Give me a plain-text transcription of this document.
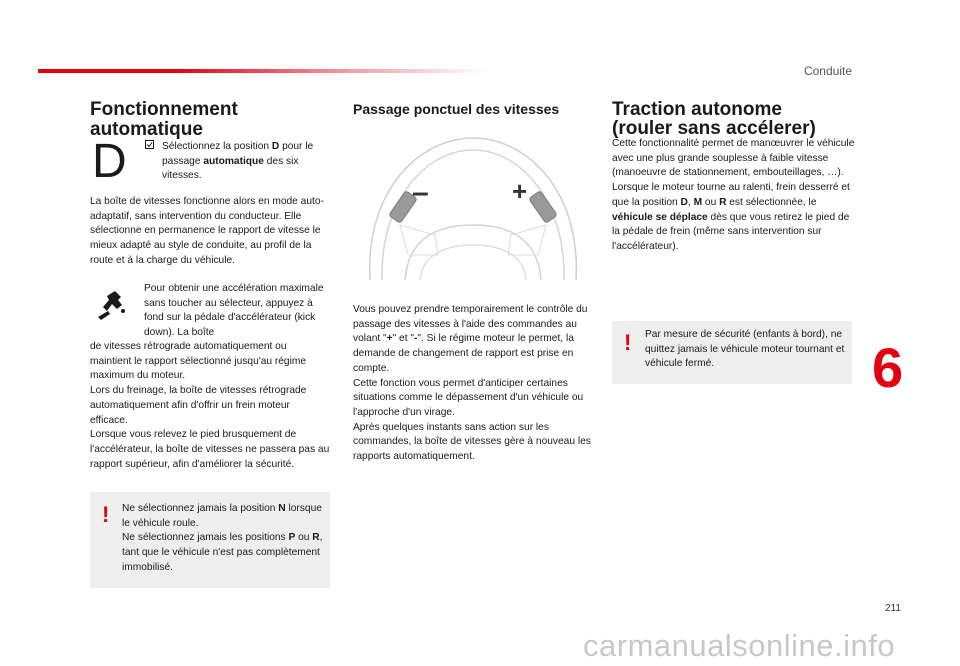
Conduite
6
Fonctionnement automatique
D	Sélectionnez la position D pour le passage automatique des six vitesses.
La boîte de vitesses fonctionne alors en mode auto-adaptatif, sans intervention du conducteur. Elle sélectionne en permanence le rapport de vitesse le mieux adapté au style de conduite, au profil de la route et à la charge du véhicule.
Pour obtenir une accélération maximale sans toucher au sélecteur, appuyez à fond sur la pédale d'accélérateur (kick down). La boîte
de vitesses rétrograde automatiquement ou maintient le rapport sélectionné jusqu'au régime maximum du moteur.
Lors du freinage, la boîte de vitesses rétrograde automatiquement afin d'offrir un frein moteur efficace.
Lorsque vous relevez le pied brusquement de l'accélérateur, la boîte de vitesses ne passera pas au rapport supérieur, afin d'améliorer la sécurité.
! Ne sélectionnez jamais la position N lorsque le véhicule roule.
Ne sélectionnez jamais les positions P ou R, tant que le véhicule n'est pas complètement immobilisé.
Passage ponctuel des vitesses
–	+
Vous pouvez prendre temporairement le contrôle du passage des vitesses à l'aide des commandes au volant "+" et "-". Si le régime moteur le permet, la demande de changement de rapport est prise en compte.
Cette fonction vous permet d'anticiper certaines situations comme le dépassement d'un véhicule ou l'approche d'un virage.
Après quelques instants sans action sur les commandes, la boîte de vitesses gère à nouveau les rapports automatiquement.
Traction autonome
(rouler sans accélerer)
Cette fonctionnalité permet de manœuvrer le véhicule avec une plus grande souplesse à faible vitesse (manoeuvre de stationnement, embouteillages, …).
Lorsque le moteur tourne au ralenti, frein desserré et que la position D, M ou R est sélectionnée, le véhicule se déplace dès que vous retirez le pied de la pédale de frein (même sans intervention sur l'accélérateur).
! Par mesure de sécurité (enfants à bord), ne quittez jamais le véhicule moteur tournant et véhicule fermé.
211
carmanualsonline.info
